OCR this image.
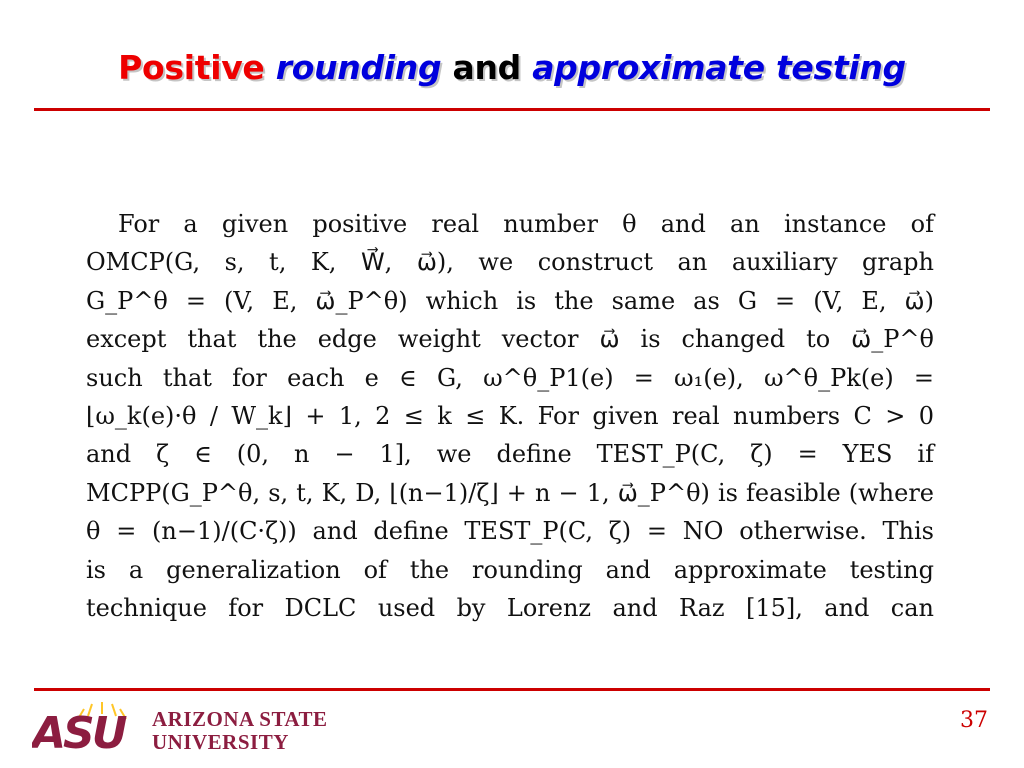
Positive rounding and approximate testing
For a given positive real number θ and an instance of
OMCP(G, s, t, K, W⃗, ω⃗), we construct an auxiliary graph
G_P^θ = (V, E, ω⃗_P^θ) which is the same as G = (V, E, ω⃗)
except that the edge weight vector ω⃗ is changed to ω⃗_P^θ
such that for each e ∈ G, ω^θ_P1(e) = ω₁(e), ω^θ_Pk(e) =
⌊ω_k(e)·θ / W_k⌋ + 1, 2 ≤ k ≤ K. For given real numbers C > 0
and ζ ∈ (0, n − 1], we define TEST_P(C, ζ) = YES if
MCPP(G_P^θ, s, t, K, D, ⌊(n−1)/ζ⌋ + n − 1, ω⃗_P^θ) is feasible (where
θ = (n−1)/(C·ζ)) and define TEST_P(C, ζ) = NO otherwise. This
is a generalization of the rounding and approximate testing
technique for DCLC used by Lorenz and Raz [15], and can
ASU ARIZONA STATE
UNIVERSITY
37
